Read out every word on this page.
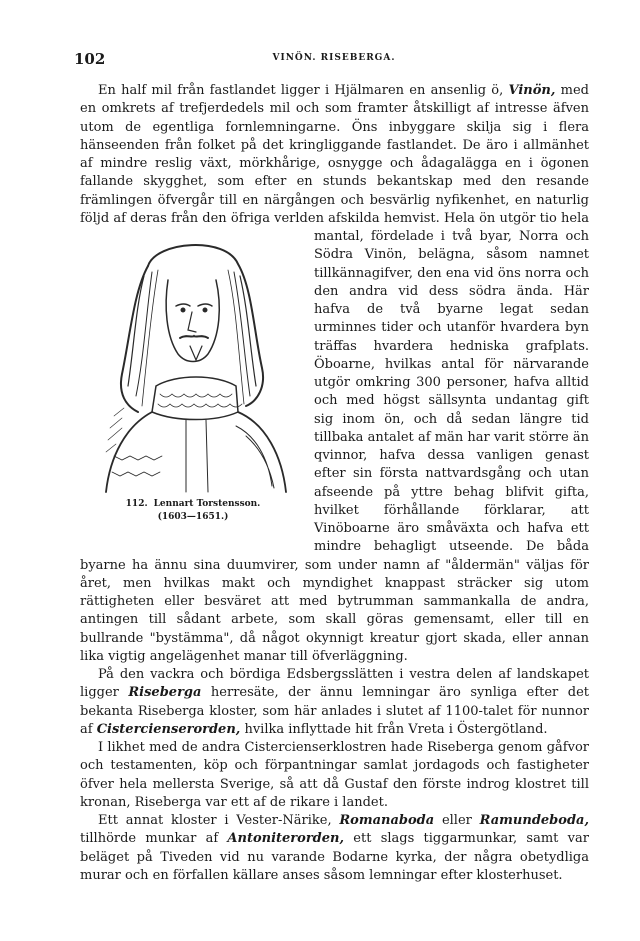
102	VINÖN. RISEBERGA.
112. Lennart Torstensson.
(1603—1651.)

En half mil från fastlandet ligger i Hjälmaren en ansenlig ö, Vinön, med en omkrets af trefjerdedels mil och som framter åtskilligt af intresse äfven utom de egentliga fornlemningarne. Öns inbyggare skilja sig i flera hänseenden från folket på det kringliggande fastlandet. De äro i allmänhet af mindre reslig växt, mörkhårige, osnygge och ådagalägga en i ögonen fallande skygghet, som efter en stunds bekantskap med den resande främlingen öfvergår till en närgången och besvärlig nyfikenhet, en naturlig följd af deras från den öfriga verlden afskilda hemvist. Hela ön utgör tio hela mantal, fördelade i två byar, Norra och Södra Vinön, belägna, såsom namnet tillkännagifver, den ena vid öns norra och den andra vid dess södra ända. Här hafva de två byarne legat sedan urminnes tider och utanför hvardera byn träffas hvardera hedniska grafplats. Öboarne, hvilkas antal för närvarande utgör omkring 300 personer, hafva alltid och med högst sällsynta undantag gift sig inom ön, och då sedan längre tid tillbaka antalet af män har varit större än qvinnor, hafva dessa vanligen genast efter sin första nattvardsgång och utan afseende på yttre behag blifvit gifta, hvilket förhållande förklarar, att Vinöboarne äro småväxta och hafva ett mindre behagligt utseende. De båda byarne ha ännu sina duumvirer, som under namn af "åldermän" väljas för året, men hvilkas makt och myndighet knappast sträcker sig utom rättigheten eller besväret att med bytrumman sammankalla de andra, antingen till sådant arbete, som skall göras gemensamt, eller till en bullrande "bystämma", då något okynnigt kreatur gjort skada, eller annan lika vigtig angelägenhet manar till öfverläggning.

På den vackra och bördiga Edsbergsslätten i vestra delen af landskapet ligger Riseberga herresäte, der ännu lemningar äro synliga efter det bekanta Riseberga kloster, som här anlades i slutet af 1100-talet för nunnor af Cistercienserorden, hvilka inflyttade hit från Vreta i Östergötland.

I likhet med de andra Cistercienserklostren hade Riseberga genom gåfvor och testamenten, köp och förpantningar samlat jordagods och fastigheter öfver hela mellersta Sverige, så att då Gustaf den förste indrog klostret till kronan, Riseberga var ett af de rikare i landet.

Ett annat kloster i Vester-Närike, Romanaboda eller Ramundeboda, tillhörde munkar af Antoniterorden, ett slags tiggarmunkar, samt var beläget på Tiveden vid nu varande Bodarne kyrka, der några obetydliga murar och en förfallen källare anses såsom lemningar efter klosterhuset.
